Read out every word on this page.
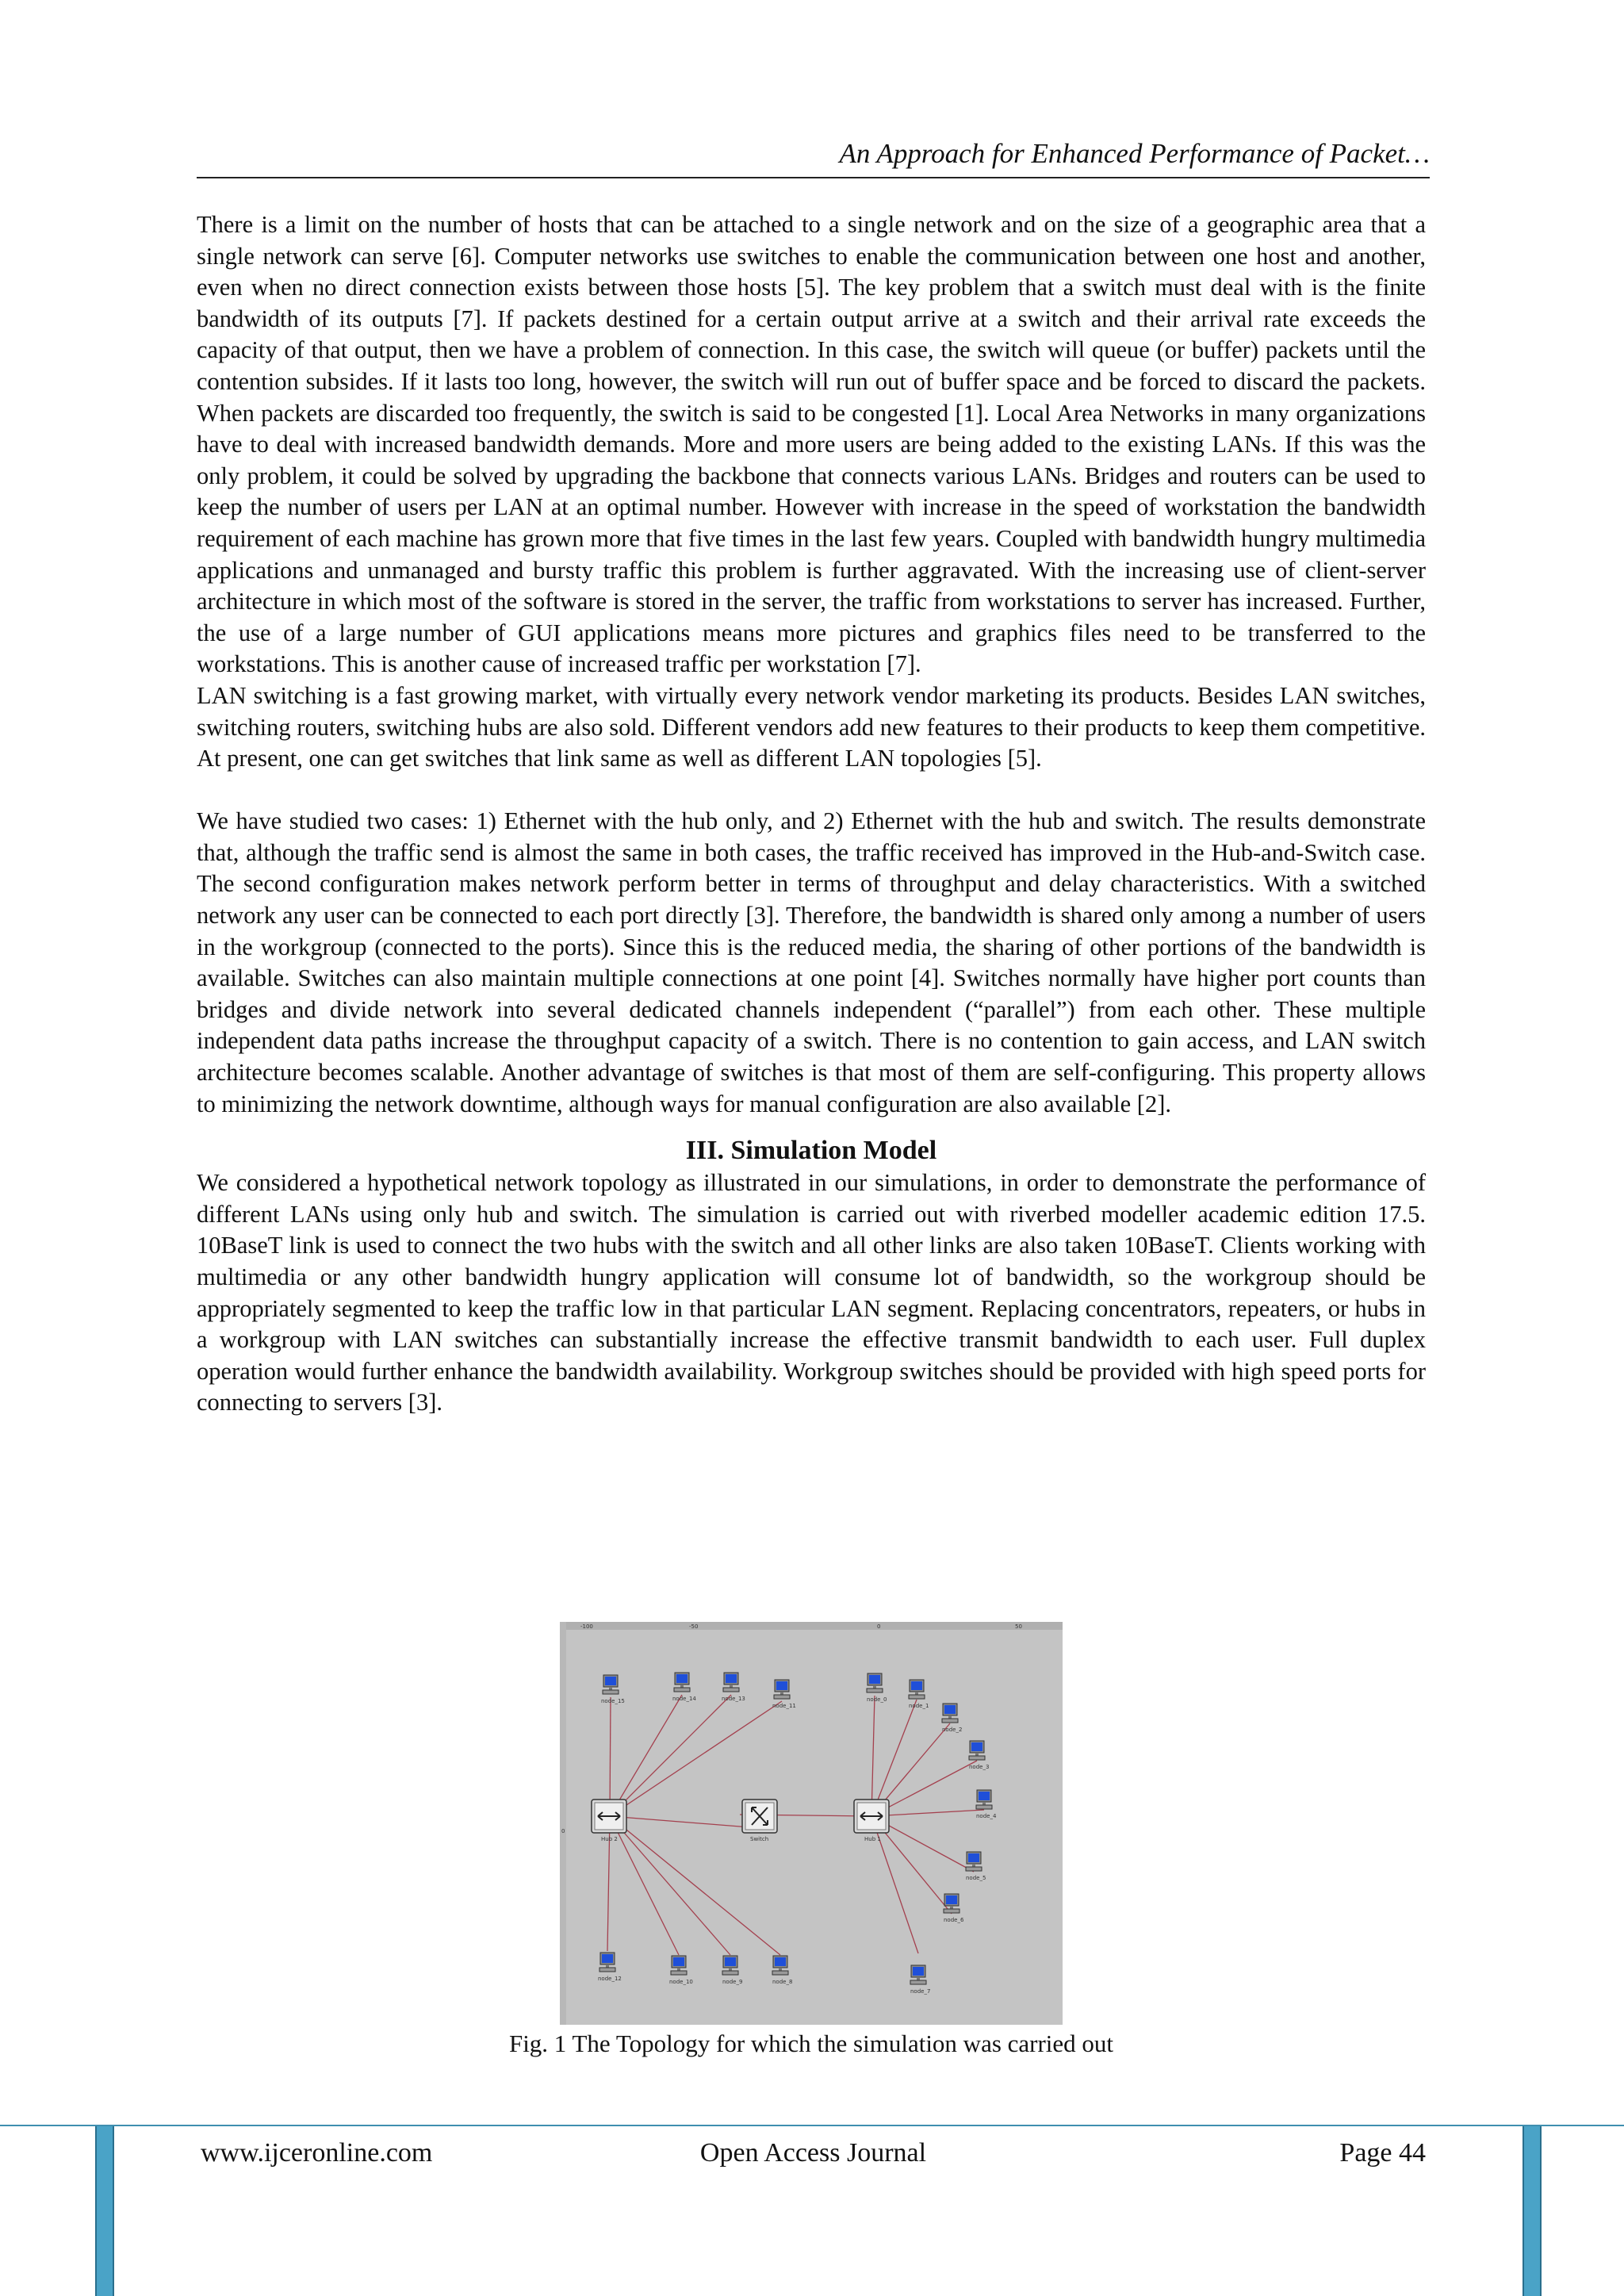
An Approach for Enhanced Performance of Packet…

There is a limit on the number of hosts that can be attached to a single network and on the size of a geographic area that a single network can serve [6]. Computer networks use switches to enable the communication between one host and another, even when no direct connection exists between those hosts [5]. The key problem that a switch must deal with is the finite bandwidth of its outputs [7]. If packets destined for a certain output arrive at a switch and their arrival rate exceeds the capacity of that output, then we have a problem of connection. In this case, the switch will queue (or buffer) packets until the contention subsides. If it lasts too long, however, the switch will run out of buffer space and be forced to discard the packets. When packets are discarded too frequently, the switch is said to be congested [1]. Local Area Networks in many organizations have to deal with increased bandwidth demands. More and more users are being added to the existing LANs. If this was the only problem, it could be solved by upgrading the backbone that connects various LANs. Bridges and routers can be used to keep the number of users per LAN at an optimal number. However with increase in the speed of workstation the bandwidth requirement of each machine has grown more that five times in the last few years. Coupled with bandwidth hungry multimedia applications and unmanaged and bursty traffic this problem is further aggravated. With the increasing use of client-server architecture in which most of the software is stored in the server, the traffic from workstations to server has increased. Further, the use of a large number of GUI applications means more pictures and graphics files need to be transferred to the workstations. This is another cause of increased traffic per workstation [7].

LAN switching is a fast growing market, with virtually every network vendor marketing its products. Besides LAN switches, switching routers, switching hubs are also sold. Different vendors add new features to their products to keep them competitive. At present, one can get switches that link same as well as different LAN topologies [5].

We have studied two cases: 1) Ethernet with the hub only, and 2) Ethernet with the hub and switch. The results demonstrate that, although the traffic send is almost the same in both cases, the traffic received has improved in the Hub-and-Switch case. The second configuration makes network perform better in terms of throughput and delay characteristics. With a switched network any user can be connected to each port directly [3]. Therefore, the bandwidth is shared only among a number of users in the workgroup (connected to the ports). Since this is the reduced media, the sharing of other portions of the bandwidth is available. Switches can also maintain multiple connections at one point [4]. Switches normally have higher port counts than bridges and divide network into several dedicated channels independent (“parallel”) from each other. These multiple independent data paths increase the throughput capacity of a switch. There is no contention to gain access, and LAN switch architecture becomes scalable. Another advantage of switches is that most of them are self-configuring. This property allows to minimizing the network downtime, although ways for manual configuration are also available [2].

III. Simulation Model

We considered a hypothetical network topology as illustrated in our simulations, in order to demonstrate the performance of different LANs using only hub and switch. The simulation is carried out with riverbed modeller academic edition 17.5. 10BaseT link is used to connect the two hubs with the switch and all other links are also taken 10BaseT. Clients working with multimedia or any other bandwidth hungry application will consume lot of bandwidth, so the workgroup should be appropriately segmented to keep the traffic low in that particular LAN segment. Replacing concentrators, repeaters, or hubs in a workgroup with LAN switches can substantially increase the effective transmit bandwidth to each user. Full duplex operation would further enhance the bandwidth availability. Workgroup switches should be provided with high speed ports for connecting to servers [3].

-100	-50	0	50
0
Hub 2	Hub 1
Switch
node_15	node_14	node_13
node_11
node_0
node_1
node_2
node_3
node_4
node_5
node_6
node_7
node_12	node_10	node_9	node_8
Fig. 1 The Topology for which the simulation was carried out
www.ijceronline.com	Open Access Journal	Page 44
